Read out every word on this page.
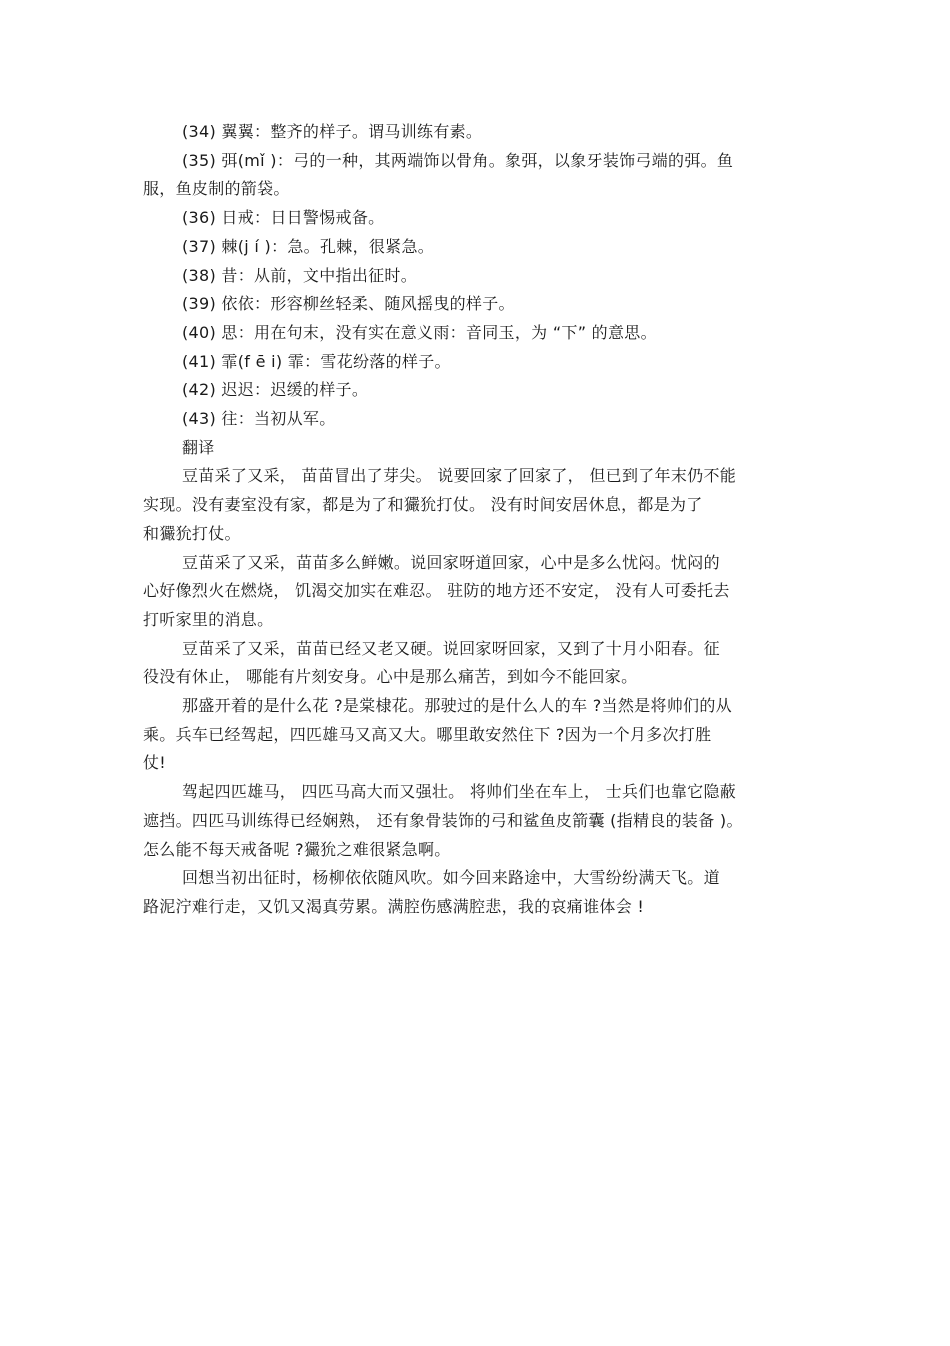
(34) 翼翼：整齐的样子。谓马训练有素。
(35) 弭(mǐ )：弓的一种，其两端饰以骨角。象弭，以象牙装饰弓端的弭。鱼
服，鱼皮制的箭袋。
(36) 日戒：日日警惕戒备。
(37) 棘(j í )：急。孔棘，很紧急。
(38) 昔：从前，文中指出征时。
(39) 依依：形容柳丝轻柔、随风摇曳的样子。
(40) 思：用在句末，没有实在意义雨：音同玉，为 “下” 的意思。
(41) 霏(f ē i) 霏：雪花纷落的样子。
(42) 迟迟：迟缓的样子。
(43) 往：当初从军。
翻译
豆苗采了又采， 苗苗冒出了芽尖。 说要回家了回家了， 但已到了年末仍不能
实现。没有妻室没有家，都是为了和玁狁打仗。 没有时间安居休息，都是为了
和玁狁打仗。
豆苗采了又采，苗苗多么鲜嫩。说回家呀道回家，心中是多么忧闷。忧闷的
心好像烈火在燃烧， 饥渴交加实在难忍。 驻防的地方还不安定， 没有人可委托去
打听家里的消息。
豆苗采了又采，苗苗已经又老又硬。说回家呀回家，又到了十月小阳春。征
役没有休止， 哪能有片刻安身。心中是那么痛苦，到如今不能回家。
那盛开着的是什么花 ?是棠棣花。那驶过的是什么人的车 ?当然是将帅们的从
乘。兵车已经驾起，四匹雄马又高又大。哪里敢安然住下 ?因为一个月多次打胜
仗!
驾起四匹雄马， 四匹马高大而又强壮。 将帅们坐在车上， 士兵们也靠它隐蔽
遮挡。四匹马训练得已经娴熟， 还有象骨装饰的弓和鲨鱼皮箭囊 (指精良的装备 )。
怎么能不每天戒备呢 ?玁狁之难很紧急啊。
回想当初出征时，杨柳依依随风吹。如今回来路途中，大雪纷纷满天飞。道
路泥泞难行走，又饥又渴真劳累。满腔伤感满腔悲，我的哀痛谁体会 !
